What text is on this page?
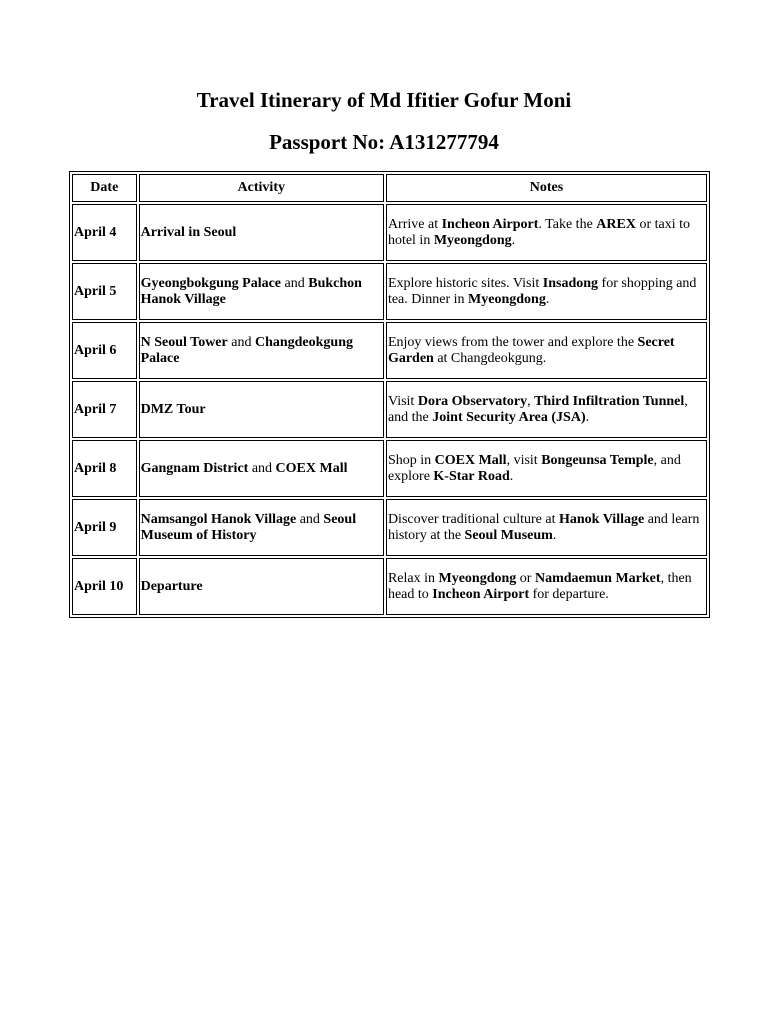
Travel Itinerary of Md Ifitier Gofur Moni
Passport No: A131277794
Date	Activity	Notes
April 4	Arrival in Seoul	Arrive at Incheon Airport. Take the AREX or taxi to hotel in Myeongdong.
April 5	Gyeongbokgung Palace and Bukchon Hanok Village	Explore historic sites. Visit Insadong for shopping and tea. Dinner in Myeongdong.
April 6	N Seoul Tower and Changdeokgung Palace	Enjoy views from the tower and explore the Secret Garden at Changdeokgung.
April 7	DMZ Tour	Visit Dora Observatory, Third Infiltration Tunnel, and the Joint Security Area (JSA).
April 8	Gangnam District and COEX Mall	Shop in COEX Mall, visit Bongeunsa Temple, and explore K-Star Road.
April 9	Namsangol Hanok Village and Seoul Museum of History	Discover traditional culture at Hanok Village and learn history at the Seoul Museum.
April 10	Departure	Relax in Myeongdong or Namdaemun Market, then head to Incheon Airport for departure.
